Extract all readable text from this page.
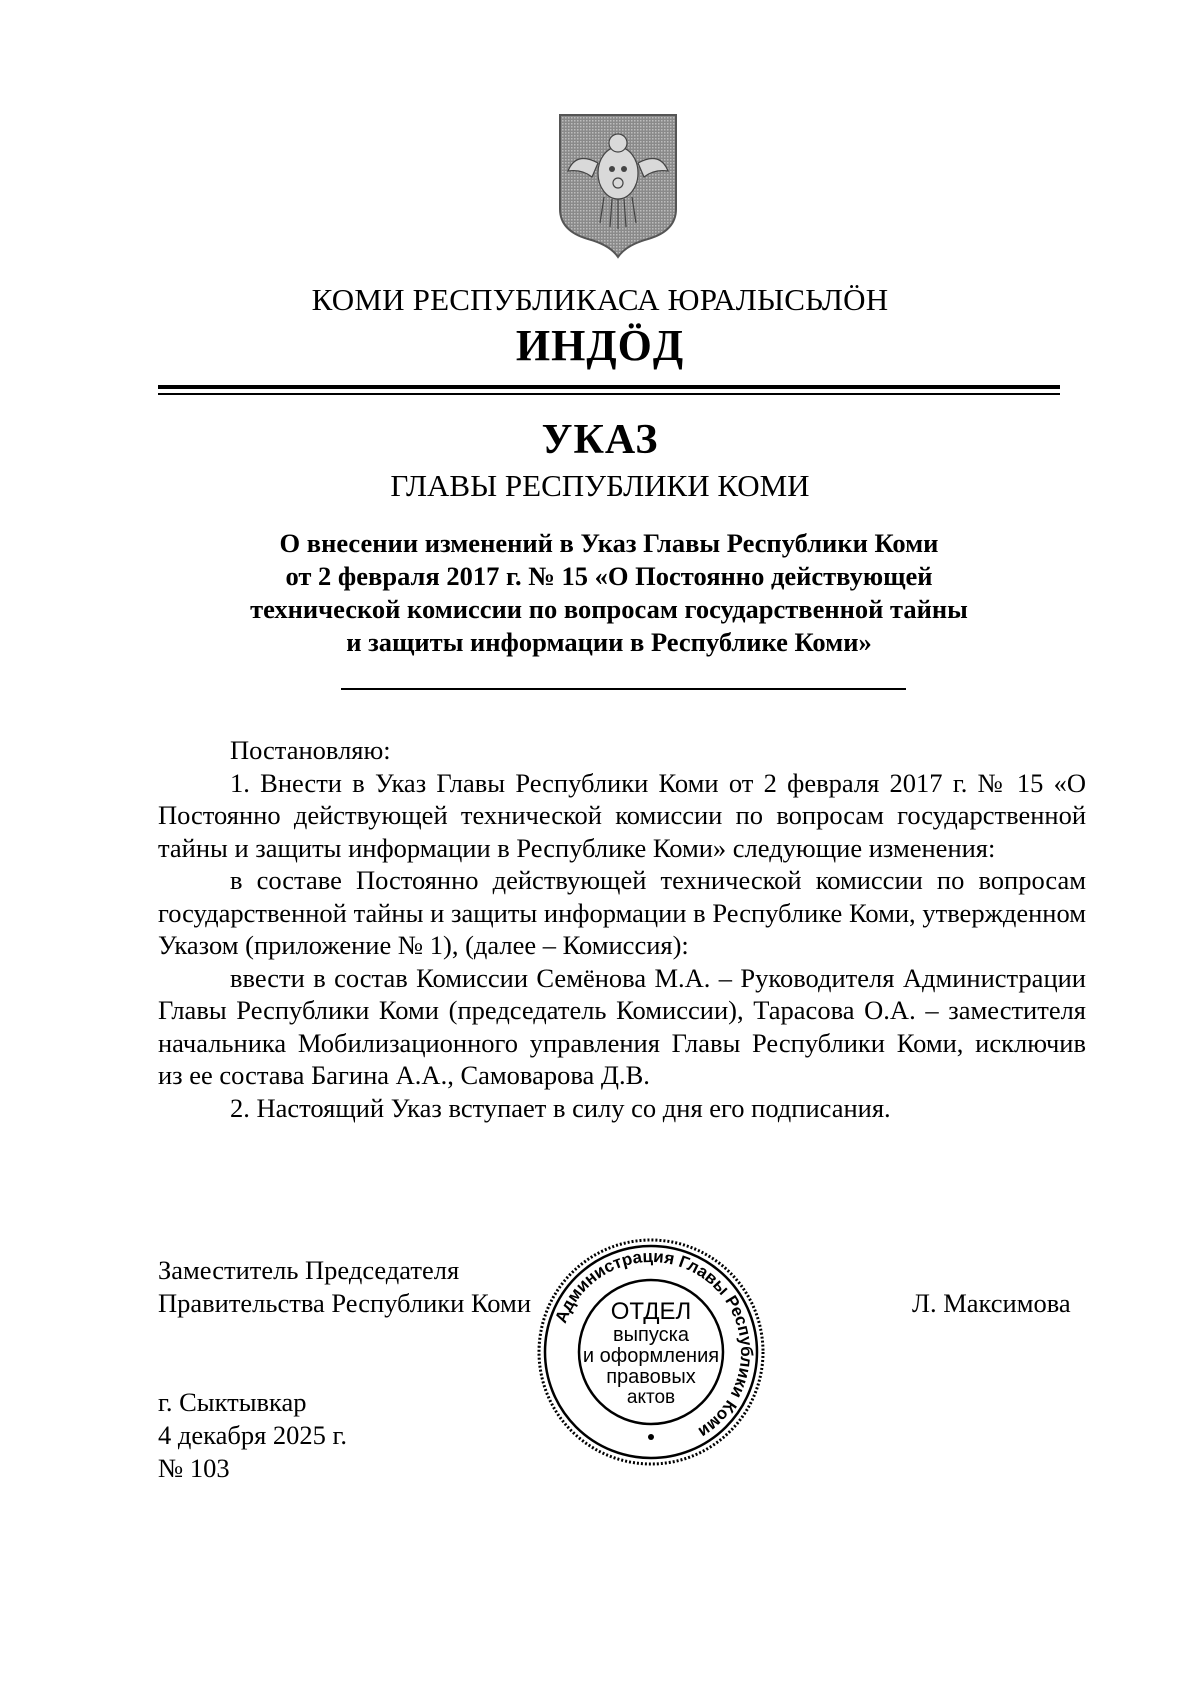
КОМИ РЕСПУБЛИКАСА ЮРАЛЫСЬЛÖН
ИНДÖД
УКАЗ
ГЛАВЫ РЕСПУБЛИКИ КОМИ
О внесении изменений в Указ Главы Республики Коми
от 2 февраля 2017 г. № 15 «О Постоянно действующей
технической комиссии по вопросам государственной тайны
и защиты информации в Республике Коми»

Постановляю:

1. Внести в Указ Главы Республики Коми от 2 февраля 2017 г. № 15 «О Постоянно действующей технической комиссии по вопросам государственной тайны и защиты информации в Республике Коми» следующие изменения:

в составе Постоянно действующей технической комиссии по вопросам государственной тайны и защиты информации в Республике Коми, утвержденном Указом (приложение № 1), (далее – Комиссия):

ввести в состав Комиссии Семёнова М.А. – Руководителя Администрации Главы Республики Коми (председатель Комиссии), Тарасова О.А. – заместителя начальника Мобилизационного управления Главы Республики Коми, исключив из ее состава Багина А.А., Самоварова Д.В.

2. Настоящий Указ вступает в силу со дня его подписания.

Заместитель Председателя
Правительства Республики Коми	Л. Максимова
Администрация Главы Республики Коми
ОТДЕЛ
выпуска
и оформления
правовых
актов
г. Сыктывкар
4 декабря 2025 г.
№ 103
